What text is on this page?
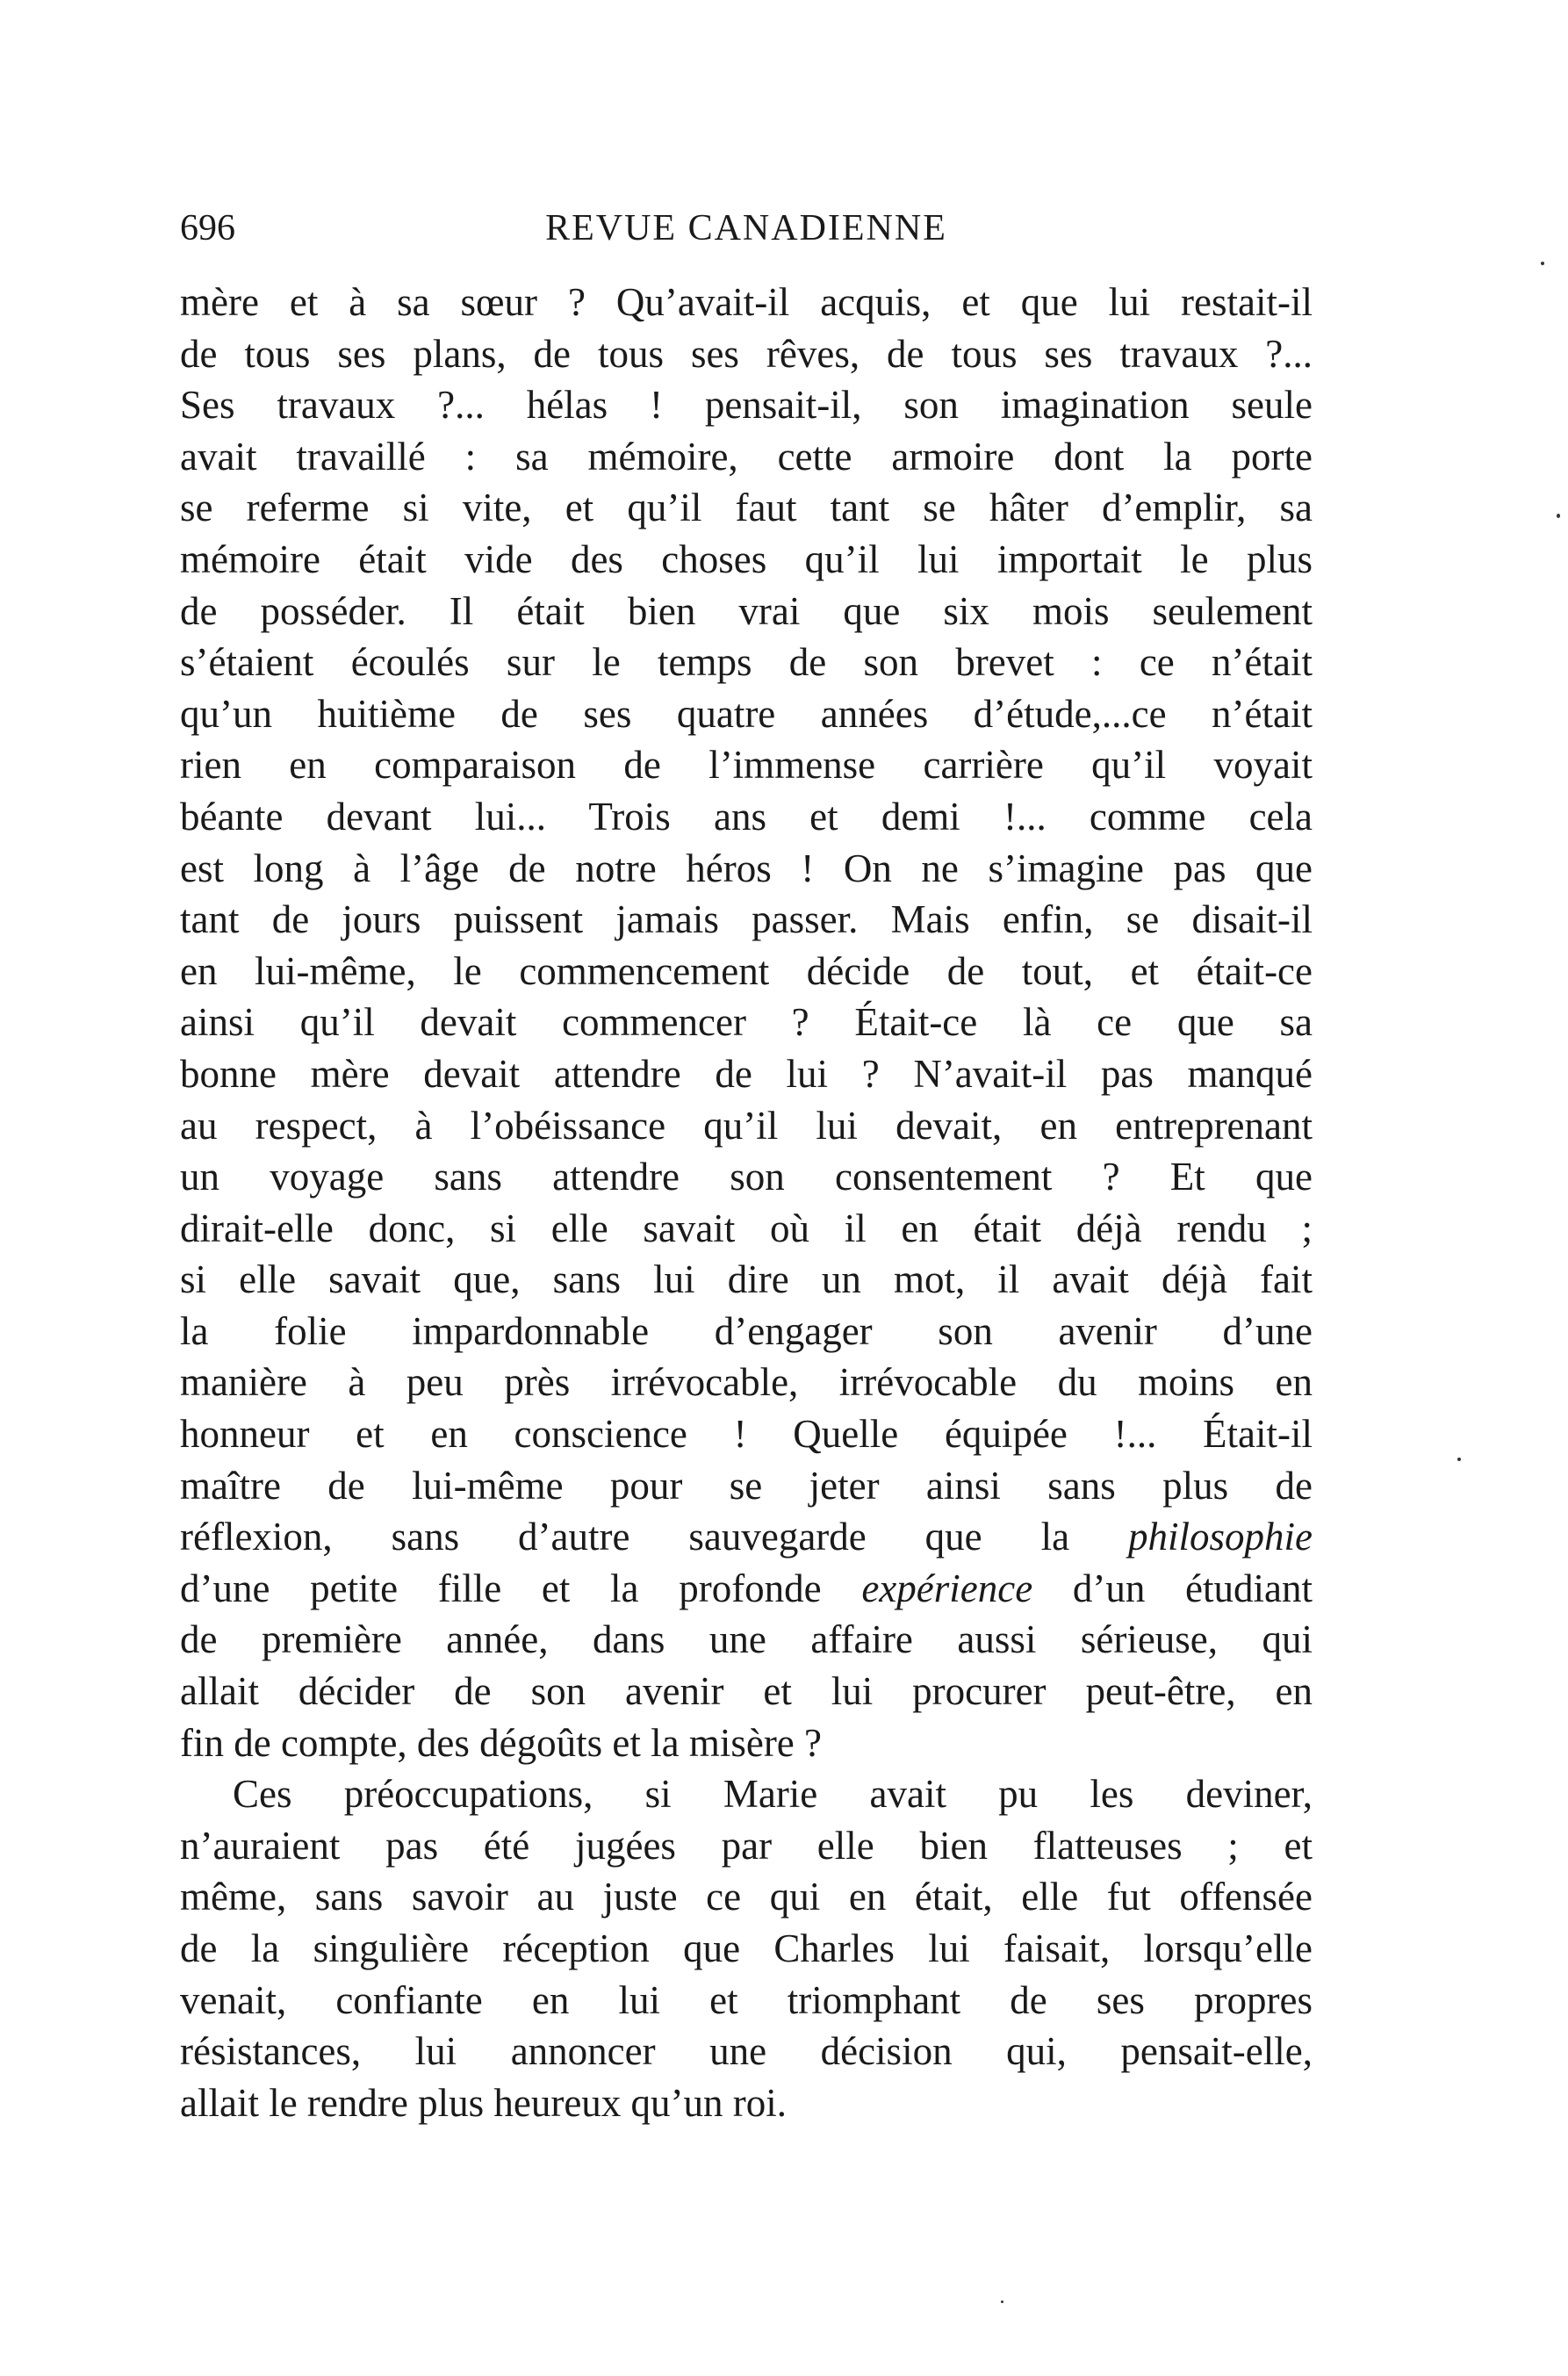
696	REVUE CANADIENNE
mère et à sa sœur ? Qu’avait-il acquis, et que lui restait-il
de tous ses plans, de tous ses rêves, de tous ses travaux ?...
Ses travaux ?... hélas ! pensait-il, son imagination seule
avait travaillé : sa mémoire, cette armoire dont la porte
se referme si vite, et qu’il faut tant se hâter d’emplir, sa
mémoire était vide des choses qu’il lui importait le plus
de posséder. Il était bien vrai que six mois seulement
s’étaient écoulés sur le temps de son brevet : ce n’était
qu’un huitième de ses quatre années d’étude,...ce n’était
rien en comparaison de l’immense carrière qu’il voyait
béante devant lui... Trois ans et demi !... comme cela
est long à l’âge de notre héros ! On ne s’imagine pas que
tant de jours puissent jamais passer. Mais enfin, se disait-il
en lui-même, le commencement décide de tout, et était-ce
ainsi qu’il devait commencer ? Était-ce là ce que sa
bonne mère devait attendre de lui ? N’avait-il pas manqué
au respect, à l’obéissance qu’il lui devait, en entreprenant
un voyage sans attendre son consentement ? Et que
dirait-elle donc, si elle savait où il en était déjà rendu ;
si elle savait que, sans lui dire un mot, il avait déjà fait
la folie impardonnable d’engager son avenir d’une
manière à peu près irrévocable, irrévocable du moins en
honneur et en conscience ! Quelle équipée !... Était-il
maître de lui-même pour se jeter ainsi sans plus de
réflexion, sans d’autre sauvegarde que la philosophie
d’une petite fille et la profonde expérience d’un étudiant
de première année, dans une affaire aussi sérieuse, qui
allait décider de son avenir et lui procurer peut-être, en
fin de compte, des dégoûts et la misère ?
Ces préoccupations, si Marie avait pu les deviner,
n’auraient pas été jugées par elle bien flatteuses ; et
même, sans savoir au juste ce qui en était, elle fut offensée
de la singulière réception que Charles lui faisait, lorsqu’elle
venait, confiante en lui et triomphant de ses propres
résistances, lui annoncer une décision qui, pensait-elle,
allait le rendre plus heureux qu’un roi.
